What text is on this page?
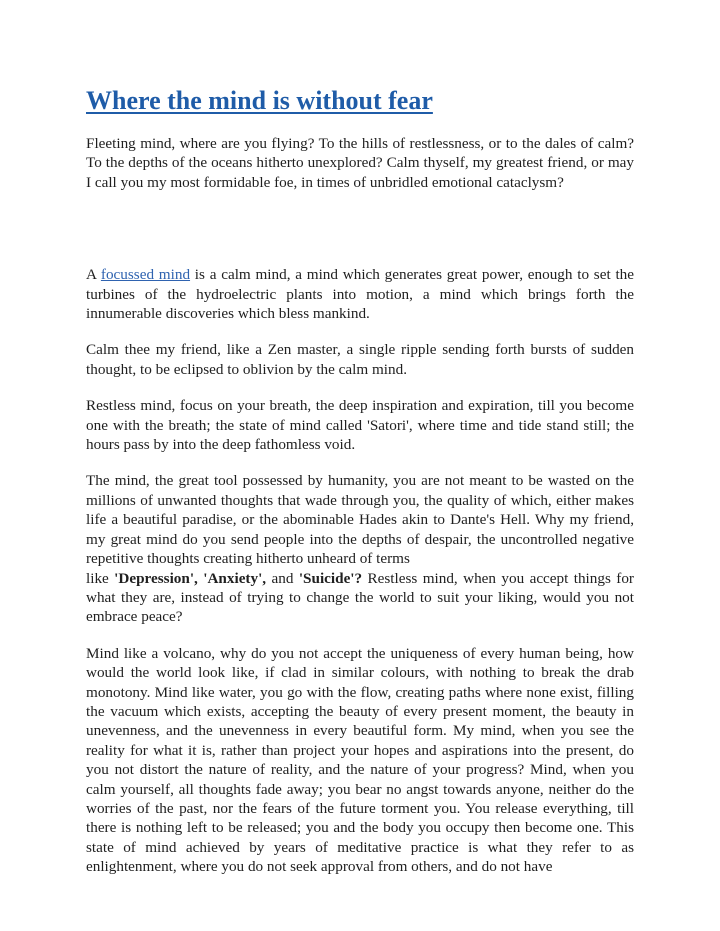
Where the mind is without fear

Fleeting mind, where are you flying? To the hills of restlessness, or to the dales of calm? To the depths of the oceans hitherto unexplored? Calm thyself, my greatest friend, or may I call you my most formidable foe, in times of unbridled emotional cataclysm?

A focussed mind is a calm mind, a mind which generates great power, enough to set the turbines of the hydroelectric plants into motion, a mind which brings forth the innumerable discoveries which bless mankind.

Calm thee my friend, like a Zen master, a single ripple sending forth bursts of sudden thought, to be eclipsed to oblivion by the calm mind.

Restless mind, focus on your breath, the deep inspiration and expiration, till you become one with the breath; the state of mind called 'Satori', where time and tide stand still; the hours pass by into the deep fathomless void.

The mind, the great tool possessed by humanity, you are not meant to be wasted on the millions of unwanted thoughts that wade through you, the quality of which, either makes life a beautiful paradise, or the abominable Hades akin to Dante's Hell. Why my friend, my great mind do you send people into the depths of despair, the uncontrolled negative repetitive thoughts creating hitherto unheard of terms
like 'Depression', 'Anxiety', and 'Suicide'? Restless mind, when you accept things for what they are, instead of trying to change the world to suit your liking, would you not embrace peace?

Mind like a volcano, why do you not accept the uniqueness of every human being, how would the world look like, if clad in similar colours, with nothing to break the drab monotony. Mind like water, you go with the flow, creating paths where none exist, filling the vacuum which exists, accepting the beauty of every present moment, the beauty in unevenness, and the unevenness in every beautiful form. My mind, when you see the reality for what it is, rather than project your hopes and aspirations into the present, do you not distort the nature of reality, and the nature of your progress? Mind, when you calm yourself, all thoughts fade away; you bear no angst towards anyone, neither do the worries of the past, nor the fears of the future torment you. You release everything, till there is nothing left to be released; you and the body you occupy then become one. This state of mind achieved by years of meditative practice is what they refer to as enlightenment, where you do not seek approval from others, and do not have
